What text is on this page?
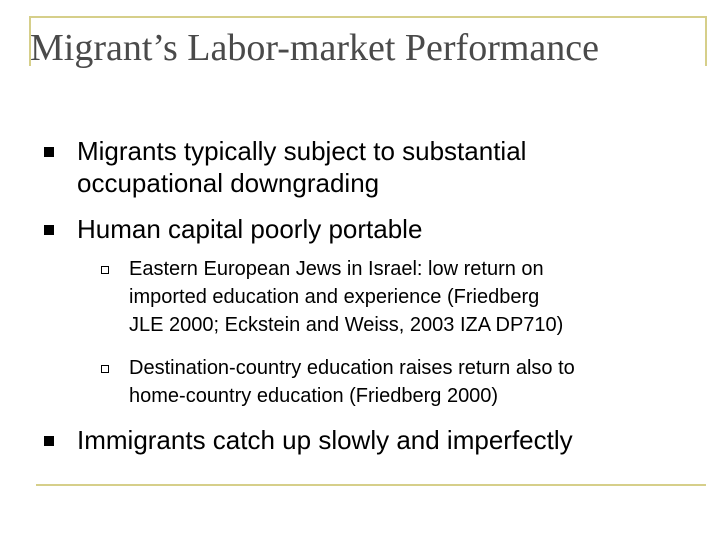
Migrant’s Labor-market Performance
Migrants typically subject to substantial
occupational downgrading
Human capital poorly portable
Eastern European Jews in Israel: low return on
imported education and experience (Friedberg
JLE 2000; Eckstein and Weiss, 2003 IZA DP710)
Destination-country education raises return also to
home-country education (Friedberg 2000)
Immigrants catch up slowly and imperfectly
